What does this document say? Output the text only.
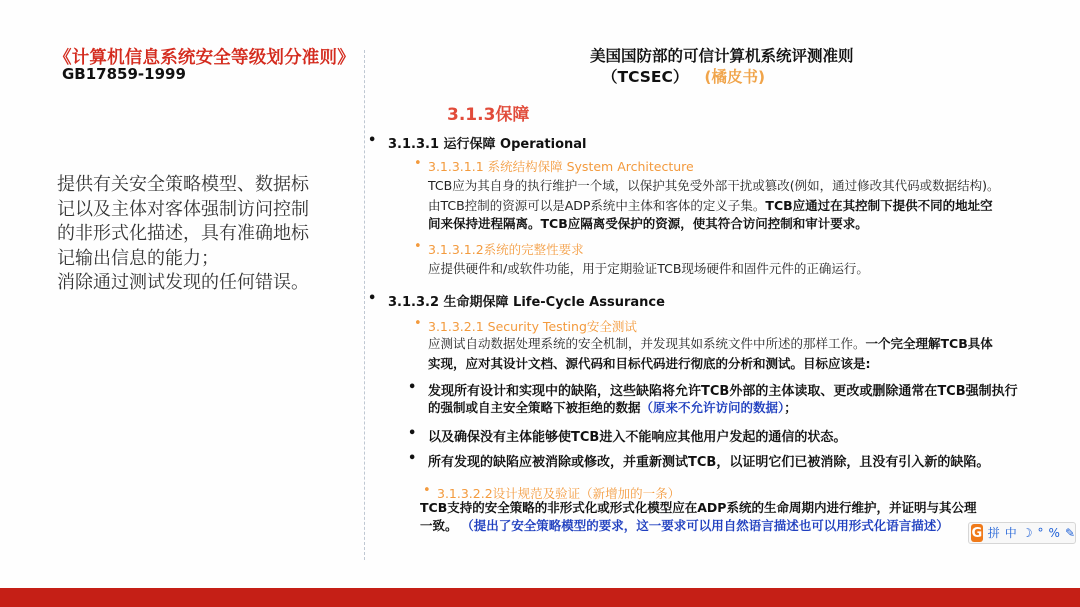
《计算机信息系统安全等级划分准则》
GB17859-1999
提供有关安全策略模型、数据标
记以及主体对客体强制访问控制
的非形式化描述，具有准确地标
记输出信息的能力；
消除通过测试发现的任何错误。
美国国防部的可信计算机系统评测准则
（TCSEC） (橘皮书)
3.1.3保障
• 3.1.3.1 运行保障 Operational
• 3.1.3.1.1 系统结构保障 System Architecture
TCB应为其自身的执行维护一个域，以保护其免受外部干扰或篡改(例如，通过修改其代码或数据结构)。
由TCB控制的资源可以是ADP系统中主体和客体的定义子集。TCB应通过在其控制下提供不同的地址空
间来保持进程隔离。TCB应隔离受保护的资源，使其符合访问控制和审计要求。
• 3.1.3.1.2系统的完整性要求
应提供硬件和/或软件功能，用于定期验证TCB现场硬件和固件元件的正确运行。
• 3.1.3.2 生命期保障 Life-Cycle Assurance
• 3.1.3.2.1 Security Testing安全测试
应测试自动数据处理系统的安全机制，并发现其如系统文件中所述的那样工作。一个完全理解TCB具体
实现，应对其设计文档、源代码和目标代码进行彻底的分析和测试。目标应该是:
• 发现所有设计和实现中的缺陷，这些缺陷将允许TCB外部的主体读取、更改或删除通常在TCB强制执行
的强制或自主安全策略下被拒绝的数据（原来不允许访问的数据）；
• 以及确保没有主体能够使TCB进入不能响应其他用户发起的通信的状态。
• 所有发现的缺陷应被消除或修改，并重新测试TCB，以证明它们已被消除，且没有引入新的缺陷。
• 3.1.3.2.2设计规范及验证（新增加的一条）
TCB支持的安全策略的非形式化或形式化模型应在ADP系统的生命周期内进行维护，并证明与其公理
一致。 （提出了安全策略模型的要求，这一要求可以用自然语言描述也可以用形式化语言描述） G 拼 中 ☽ ° % ✎
